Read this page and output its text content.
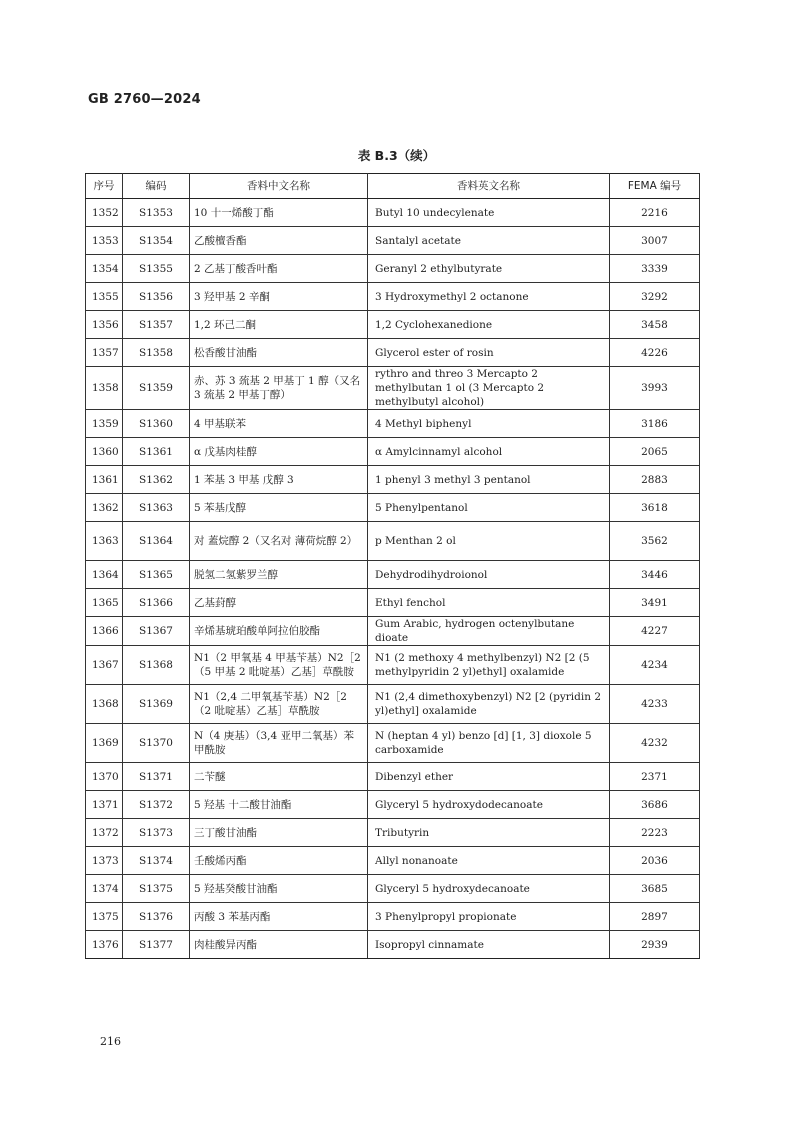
GB 2760—2024
表 B.3（续）
序号	编码	香料中文名称	香料英文名称	FEMA 编号
1352	S1353	10 十一烯酸丁酯	Butyl 10 undecylenate	2216
1353	S1354	乙酸檀香酯	Santalyl acetate	3007
1354	S1355	2 乙基丁酸香叶酯	Geranyl 2 ethylbutyrate	3339
1355	S1356	3 羟甲基 2 辛酮	3 Hydroxymethyl 2 octanone	3292
1356	S1357	1,2 环己二酮	1,2 Cyclohexanedione	3458
1357	S1358	松香酸甘油酯	Glycerol ester of rosin	4226
1358	S1359	赤、苏 3 巯基 2 甲基丁 1 醇（又名 3 巯基 2 甲基丁醇）	rythro and threo 3 Mercapto 2 methylbutan 1 ol (3 Mercapto 2 methylbutyl alcohol)	3993
1359	S1360	4 甲基联苯	4 Methyl biphenyl	3186
1360	S1361	α 戊基肉桂醇	α Amylcinnamyl alcohol	2065
1361	S1362	1 苯基 3 甲基 戊醇 3	1 phenyl 3 methyl 3 pentanol	2883
1362	S1363	5 苯基戊醇	5 Phenylpentanol	3618
1363	S1364	对 蓋烷醇 2（又名对 薄荷烷醇 2）	p Menthan 2 ol	3562
1364	S1365	脱氢二氢紫罗兰醇	Dehydrodihydroionol	3446
1365	S1366	乙基葑醇	Ethyl fenchol	3491
1366	S1367	辛烯基琥珀酸单阿拉伯胶酯	Gum Arabic, hydrogen octenylbutane dioate	4227
1367	S1368	N1（2 甲氧基 4 甲基苄基）N2［2（5 甲基 2 吡啶基）乙基］草酰胺	N1 (2 methoxy 4 methylbenzyl) N2 [2 (5 methylpyridin 2 yl)ethyl] oxalamide	4234
1368	S1369	N1（2,4 二甲氧基苄基）N2［2（2 吡啶基）乙基］草酰胺	N1 (2,4 dimethoxybenzyl) N2 [2 (pyridin 2 yl)ethyl] oxalamide	4233
1369	S1370	N（4 庚基）（3,4 亚甲二氧基）苯甲酰胺	N (heptan 4 yl) benzo [d] [1, 3] dioxole 5 carboxamide	4232
1370	S1371	二苄醚	Dibenzyl ether	2371
1371	S1372	5 羟基 十二酸甘油酯	Glyceryl 5 hydroxydodecanoate	3686
1372	S1373	三丁酸甘油酯	Tributyrin	2223
1373	S1374	壬酸烯丙酯	Allyl nonanoate	2036
1374	S1375	5 羟基癸酸甘油酯	Glyceryl 5 hydroxydecanoate	3685
1375	S1376	丙酸 3 苯基丙酯	3 Phenylpropyl propionate	2897
1376	S1377	肉桂酸异丙酯	Isopropyl cinnamate	2939
216
